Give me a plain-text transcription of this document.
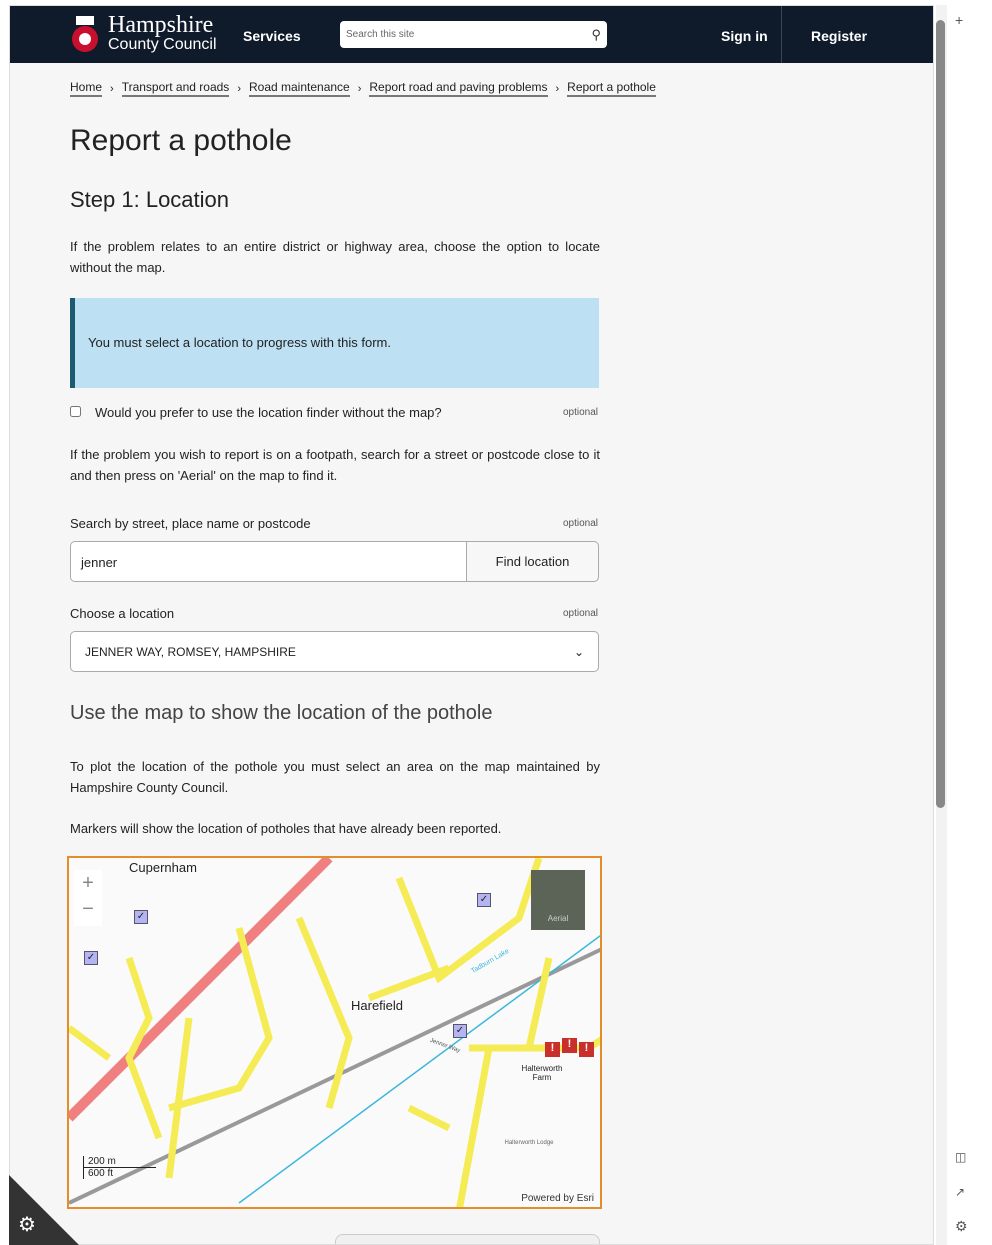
Hampshire
County Council Services	Search this site	⚲	Sign in	Register
Home › Transport and roads › Road maintenance › Report road and paving problems › Report a pothole
Report a pothole
Step 1: Location
If the problem relates to an entire district or highway area, choose the option to locate without the map.
You must select a location to progress with this form.
Would you prefer to use the location finder without the map?	optional
If the problem you wish to report is on a footpath, search for a street or postcode close to it and then press on 'Aerial' on the map to find it.
Search by street, place name or postcode	optional
jenner	Find location
Choose a location	optional
JENNER WAY, ROMSEY, HAMPSHIRE	⌄
Use the map to show the location of the pothole
To plot the location of the pothole you must select an area on the map maintained by Hampshire County Council.
Markers will show the location of potholes that have already been reported.
Cupernham
Harefield
Halterworth Farm
Halterworth Lodge
Tadburn Lake
Jenner Way
+
−	Aerial
✓
✓
✓
✓
!	!	!
200 m
600 ft
Powered by Esri
⚙
+
◫
↗
⚙
